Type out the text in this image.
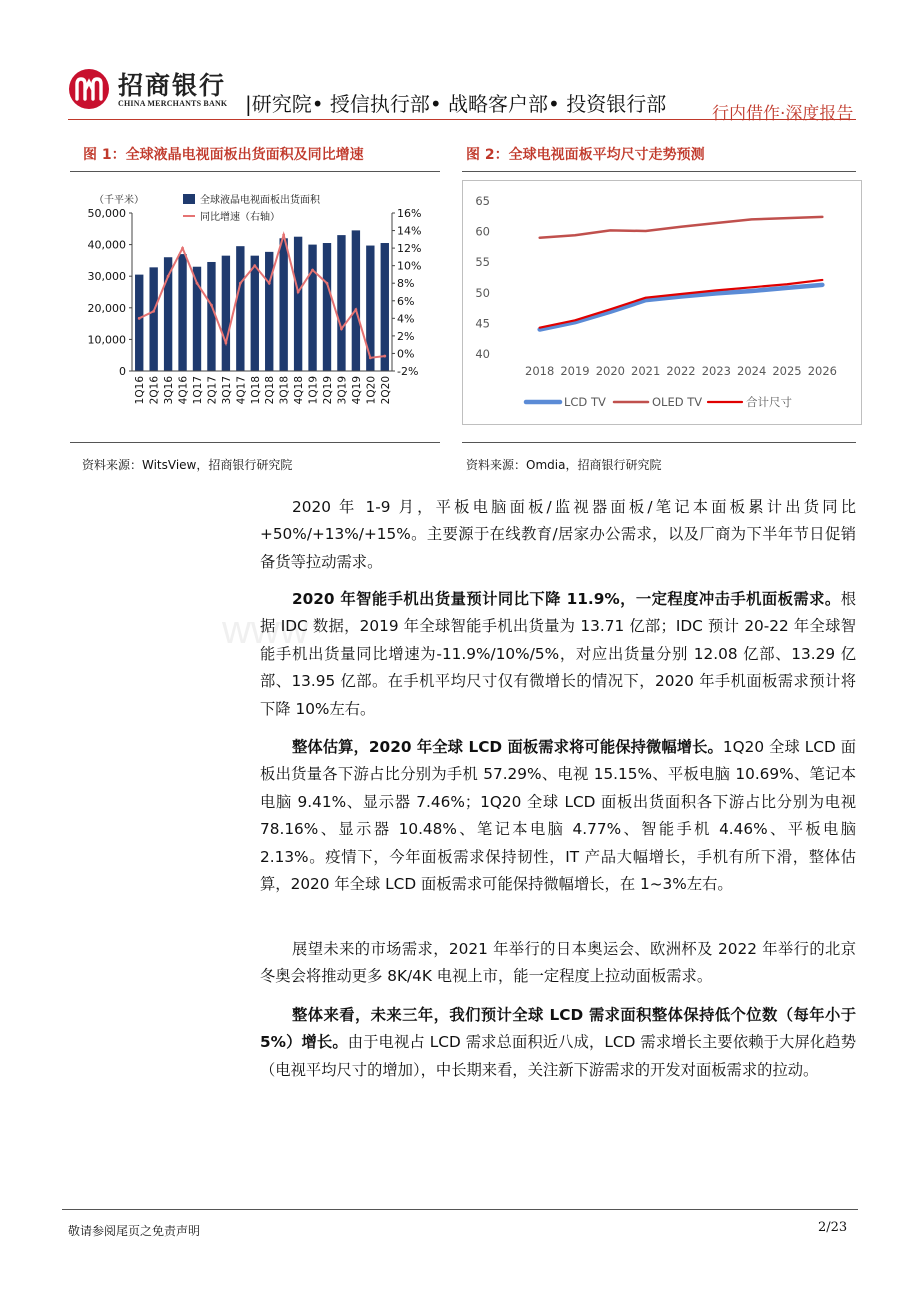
招商银行
CHINA MERCHANTS BANK |研究院• 授信执行部• 战略客户部• 投资银行部	行内借作·深度报告
www
图 1：全球液晶电视面板出货面积及同比增速	图 2：全球电视面板平均尺寸走势预测
（千平米）
0
10,000
20,000
30,000
40,000
50,000
-2%
0%
2%
4%
6%
8%
10%
12%
14%
16%
1Q16 2Q16 3Q16 4Q16 1Q17 2Q17 3Q17 4Q17 1Q18 2Q18 3Q18 4Q18 1Q19 2Q19 3Q19 4Q19 1Q20 2Q20
全球液晶电视面板出货面积
同比增速（右轴）
40
45
50
55
60
65
2018 2019 2020 2021 2022 2023 2024 2025 2026
LCD TV	OLED TV	合计尺寸
资料来源：WitsView，招商银行研究院	资料来源：Omdia，招商银行研究院
2020 年 1-9 月，平板电脑面板/监视器面板/笔记本面板累计出货同比+50%/+13%/+15%。主要源于在线教育/居家办公需求，以及厂商为下半年节日促销备货等拉动需求。
2020 年智能手机出货量预计同比下降 11.9%，一定程度冲击手机面板需求。根据 IDC 数据，2019 年全球智能手机出货量为 13.71 亿部；IDC 预计 20-22 年全球智能手机出货量同比增速为-11.9%/10%/5%，对应出货量分别 12.08 亿部、13.29 亿部、13.95 亿部。在手机平均尺寸仅有微增长的情况下，2020 年手机面板需求预计将下降 10%左右。
整体估算，2020 年全球 LCD 面板需求将可能保持微幅增长。1Q20 全球 LCD 面板出货量各下游占比分别为手机 57.29%、电视 15.15%、平板电脑 10.69%、笔记本电脑 9.41%、显示器 7.46%；1Q20 全球 LCD 面板出货面积各下游占比分别为电视 78.16%、显示器 10.48%、笔记本电脑 4.77%、智能手机 4.46%、平板电脑 2.13%。疫情下，今年面板需求保持韧性，IT 产品大幅增长，手机有所下滑，整体估算，2020 年全球 LCD 面板需求可能保持微幅增长，在 1~3%左右。
展望未来的市场需求，2021 年举行的日本奥运会、欧洲杯及 2022 年举行的北京冬奥会将推动更多 8K/4K 电视上市，能一定程度上拉动面板需求。
整体来看，未来三年，我们预计全球 LCD 需求面积整体保持低个位数（每年小于 5%）增长。由于电视占 LCD 需求总面积近八成，LCD 需求增长主要依赖于大屏化趋势（电视平均尺寸的增加），中长期来看，关注新下游需求的开发对面板需求的拉动。
敬请参阅尾页之免责声明	2/23
